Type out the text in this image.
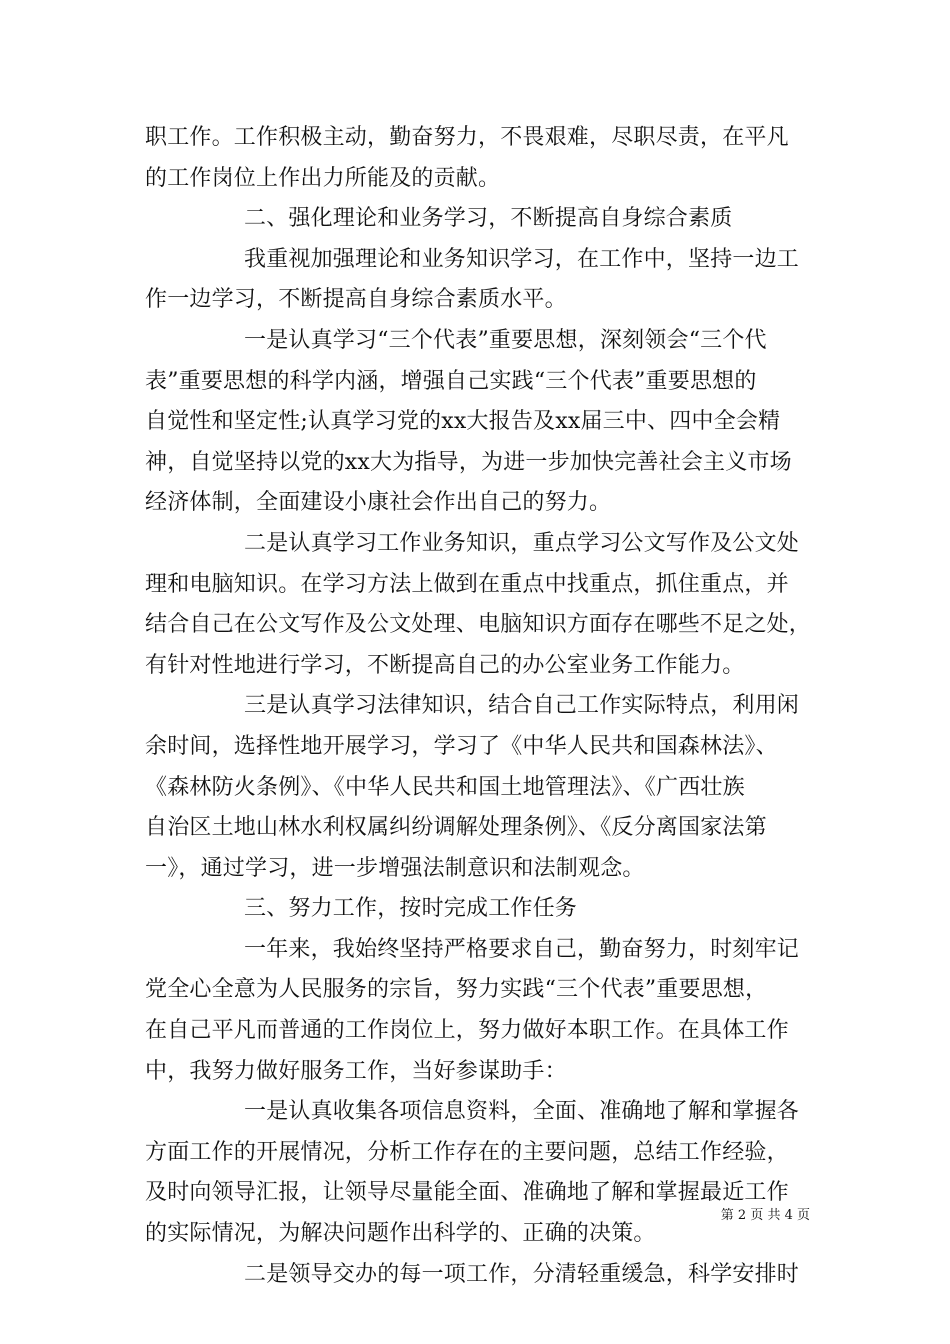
职工作。工作积极主动，勤奋努力，不畏艰难，尽职尽责，在平凡
的工作岗位上作出力所能及的贡献。
二、强化理论和业务学习，不断提高自身综合素质
我重视加强理论和业务知识学习，在工作中，坚持一边工
作一边学习，不断提高自身综合素质水平。
一是认真学习“三个代表”重要思想，深刻领会“三个代
表”重要思想的科学内涵，增强自己实践“三个代表”重要思想的
自觉性和坚定性;认真学习党的xx大报告及xx届三中、四中全会精
神，自觉坚持以党的xx大为指导，为进一步加快完善社会主义市场
经济体制，全面建设小康社会作出自己的努力。
二是认真学习工作业务知识，重点学习公文写作及公文处
理和电脑知识。在学习方法上做到在重点中找重点，抓住重点，并
结合自己在公文写作及公文处理、电脑知识方面存在哪些不足之处，
有针对性地进行学习，不断提高自己的办公室业务工作能力。
三是认真学习法律知识，结合自己工作实际特点，利用闲
余时间，选择性地开展学习，学习了《中华人民共和国森林法》、
《森林防火条例》、《中华人民共和国土地管理法》、《广西壮族
自治区土地山林水利权属纠纷调解处理条例》、《反分离国家法第
一》，通过学习，进一步增强法制意识和法制观念。
三、努力工作，按时完成工作任务
一年来，我始终坚持严格要求自己，勤奋努力，时刻牢记
党全心全意为人民服务的宗旨，努力实践“三个代表”重要思想，
在自己平凡而普通的工作岗位上，努力做好本职工作。在具体工作
中，我努力做好服务工作，当好参谋助手：
一是认真收集各项信息资料，全面、准确地了解和掌握各
方面工作的开展情况，分析工作存在的主要问题，总结工作经验，
及时向领导汇报，让领导尽量能全面、准确地了解和掌握最近工作
的实际情况，为解决问题作出科学的、正确的决策。
二是领导交办的每一项工作，分清轻重缓急，科学安排时
第 2 页 共 4 页
